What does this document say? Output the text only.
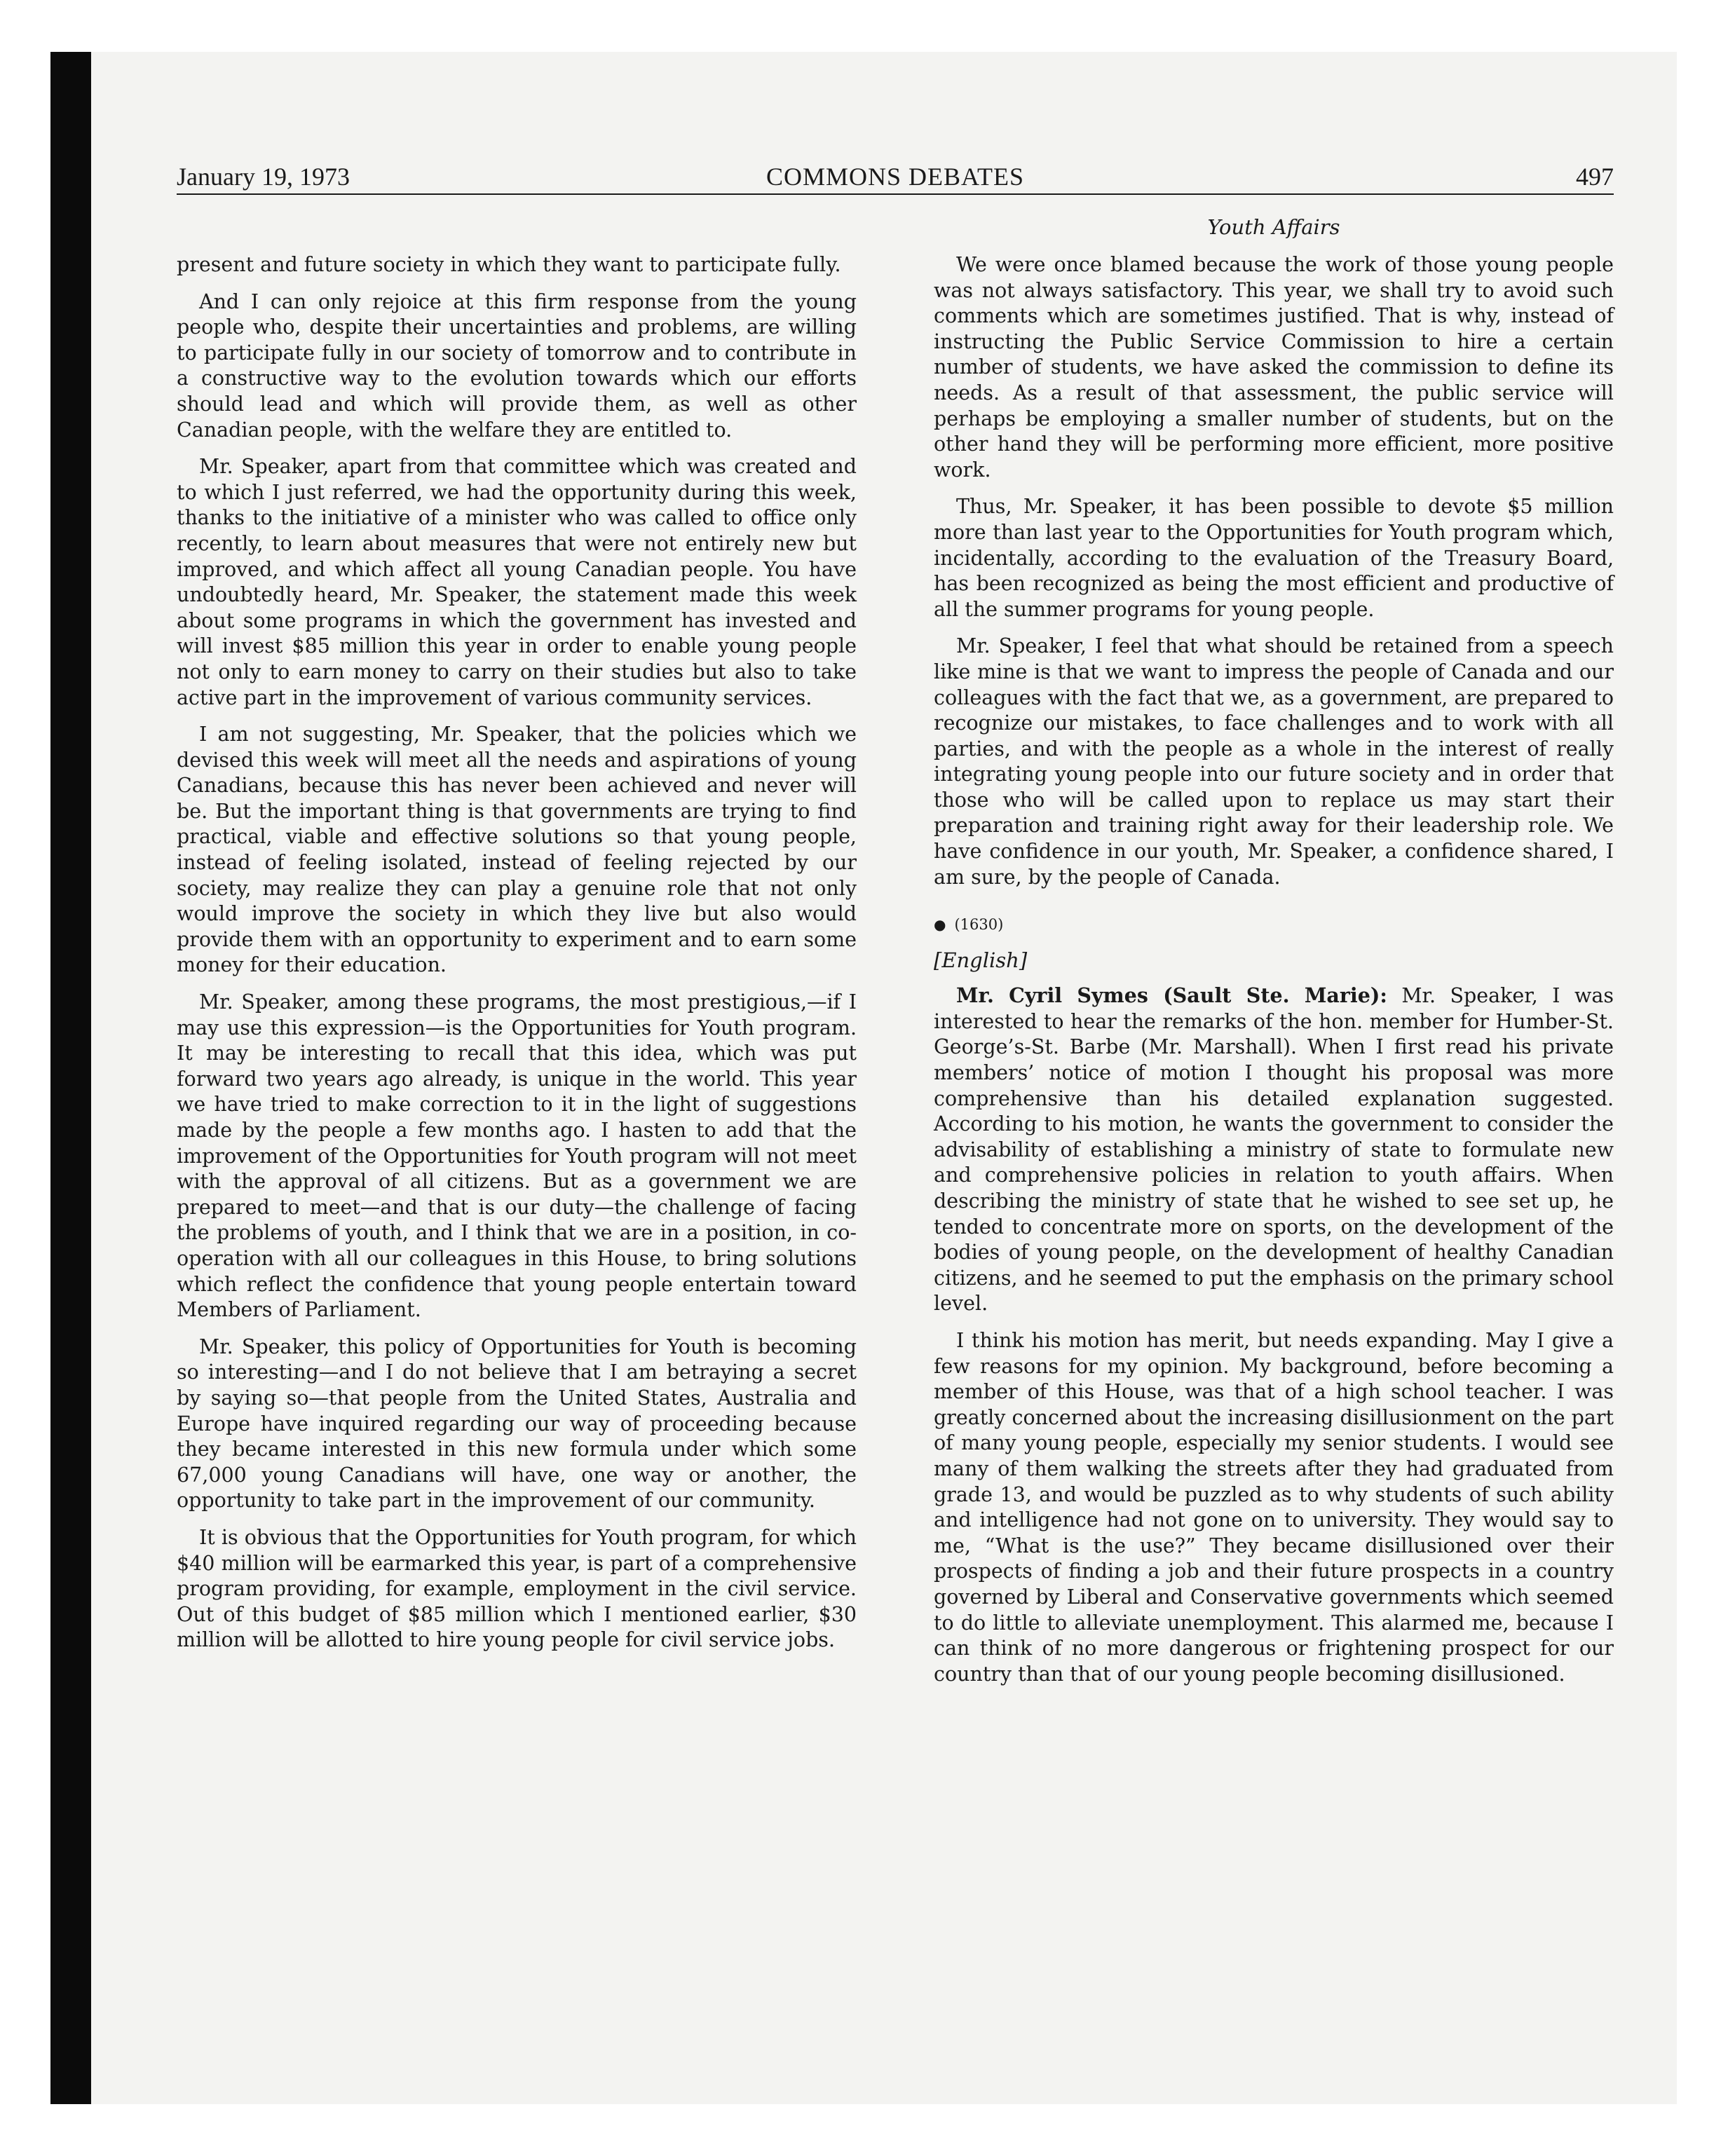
January 19, 1973	COMMONS DEBATES	497
Youth Affairs

present and future society in which they want to participate fully.

And I can only rejoice at this firm response from the young people who, despite their uncertainties and problems, are willing to participate fully in our society of tomorrow and to contribute in a constructive way to the evolution towards which our efforts should lead and which will provide them, as well as other Canadian people, with the welfare they are entitled to.

Mr. Speaker, apart from that committee which was created and to which I just referred, we had the opportunity during this week, thanks to the initiative of a minister who was called to office only recently, to learn about measures that were not entirely new but improved, and which affect all young Canadian people. You have undoubtedly heard, Mr. Speaker, the statement made this week about some programs in which the government has invested and will invest $85 million this year in order to enable young people not only to earn money to carry on their studies but also to take active part in the improvement of various community services.

I am not suggesting, Mr. Speaker, that the policies which we devised this week will meet all the needs and aspirations of young Canadians, because this has never been achieved and never will be. But the important thing is that governments are trying to find practical, viable and effective solutions so that young people, instead of feeling isolated, instead of feeling rejected by our society, may realize they can play a genuine role that not only would improve the society in which they live but also would provide them with an opportunity to experiment and to earn some money for their education.

Mr. Speaker, among these programs, the most prestigious,—if I may use this expression—is the Opportunities for Youth program. It may be interesting to recall that this idea, which was put forward two years ago already, is unique in the world. This year we have tried to make correction to it in the light of suggestions made by the people a few months ago. I hasten to add that the improvement of the Opportunities for Youth program will not meet with the approval of all citizens. But as a government we are prepared to meet—and that is our duty—the challenge of facing the problems of youth, and I think that we are in a position, in co-operation with all our colleagues in this House, to bring solutions which reflect the confidence that young people entertain toward Members of Parliament.

Mr. Speaker, this policy of Opportunities for Youth is becoming so interesting—and I do not believe that I am betraying a secret by saying so—that people from the United States, Australia and Europe have inquired regarding our way of proceeding because they became interested in this new formula under which some 67,000 young Canadians will have, one way or another, the opportunity to take part in the improvement of our community.

It is obvious that the Opportunities for Youth program, for which $40 million will be earmarked this year, is part of a comprehensive program providing, for example, employment in the civil service. Out of this budget of $85 million which I mentioned earlier, $30 million will be allotted to hire young people for civil service jobs.

We were once blamed because the work of those young people was not always satisfactory. This year, we shall try to avoid such comments which are sometimes justified. That is why, instead of instructing the Public Service Commission to hire a certain number of students, we have asked the commission to define its needs. As a result of that assessment, the public service will perhaps be employing a smaller number of students, but on the other hand they will be performing more efficient, more positive work.

Thus, Mr. Speaker, it has been possible to devote $5 million more than last year to the Opportunities for Youth program which, incidentally, according to the evaluation of the Treasury Board, has been recognized as being the most efficient and productive of all the summer programs for young people.

Mr. Speaker, I feel that what should be retained from a speech like mine is that we want to impress the people of Canada and our colleagues with the fact that we, as a government, are prepared to recognize our mistakes, to face challenges and to work with all parties, and with the people as a whole in the interest of really integrating young people into our future society and in order that those who will be called upon to replace us may start their preparation and training right away for their leadership role. We have confidence in our youth, Mr. Speaker, a confidence shared, I am sure, by the people of Canada.

● (1630)
[English]

Mr. Cyril Symes (Sault Ste. Marie): Mr. Speaker, I was interested to hear the remarks of the hon. member for Humber-St. George’s-St. Barbe (Mr. Marshall). When I first read his private members’ notice of motion I thought his proposal was more comprehensive than his detailed explanation suggested. According to his motion, he wants the government to consider the advisability of establishing a ministry of state to formulate new and comprehensive policies in relation to youth affairs. When describing the ministry of state that he wished to see set up, he tended to concentrate more on sports, on the development of the bodies of young people, on the development of healthy Canadian citizens, and he seemed to put the emphasis on the primary school level.

I think his motion has merit, but needs expanding. May I give a few reasons for my opinion. My background, before becoming a member of this House, was that of a high school teacher. I was greatly concerned about the increasing disillusionment on the part of many young people, especially my senior students. I would see many of them walking the streets after they had graduated from grade 13, and would be puzzled as to why students of such ability and intelligence had not gone on to university. They would say to me, “What is the use?” They became disillusioned over their prospects of finding a job and their future prospects in a country governed by Liberal and Conservative governments which seemed to do little to alleviate unemployment. This alarmed me, because I can think of no more dangerous or frightening prospect for our country than that of our young people becoming disillusioned.
